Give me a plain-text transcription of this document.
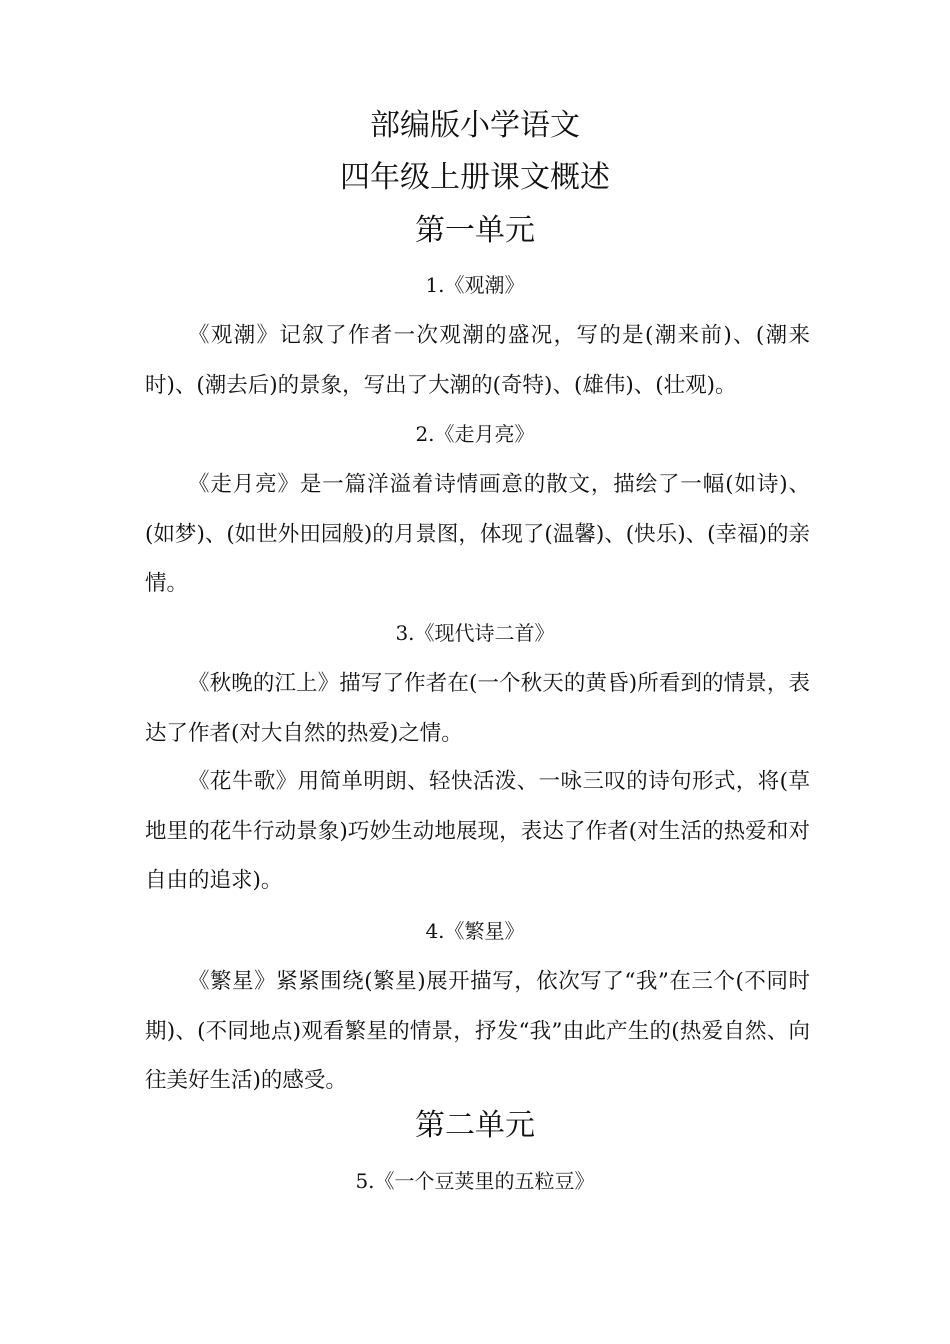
部编版小学语文
四年级上册课文概述
第一单元
1.《观潮》
《观潮》记叙了作者一次观潮的盛况，写的是(潮来前)、(潮来时)、(潮去后)的景象，写出了大潮的(奇特)、(雄伟)、(壮观)。
2.《走月亮》
《走月亮》是一篇洋溢着诗情画意的散文，描绘了一幅(如诗)、(如梦)、(如世外田园般)的月景图，体现了(温馨)、(快乐)、(幸福)的亲情。
3.《现代诗二首》
《秋晚的江上》描写了作者在(一个秋天的黄昏)所看到的情景，表达了作者(对大自然的热爱)之情。
《花牛歌》用简单明朗、轻快活泼、一咏三叹的诗句形式，将(草地里的花牛行动景象)巧妙生动地展现，表达了作者(对生活的热爱和对自由的追求)。
4.《繁星》
《繁星》紧紧围绕(繁星)展开描写，依次写了“我”在三个(不同时期)、(不同地点)观看繁星的情景，抒发“我”由此产生的(热爱自然、向往美好生活)的感受。
第二单元
5.《一个豆荚里的五粒豆》
